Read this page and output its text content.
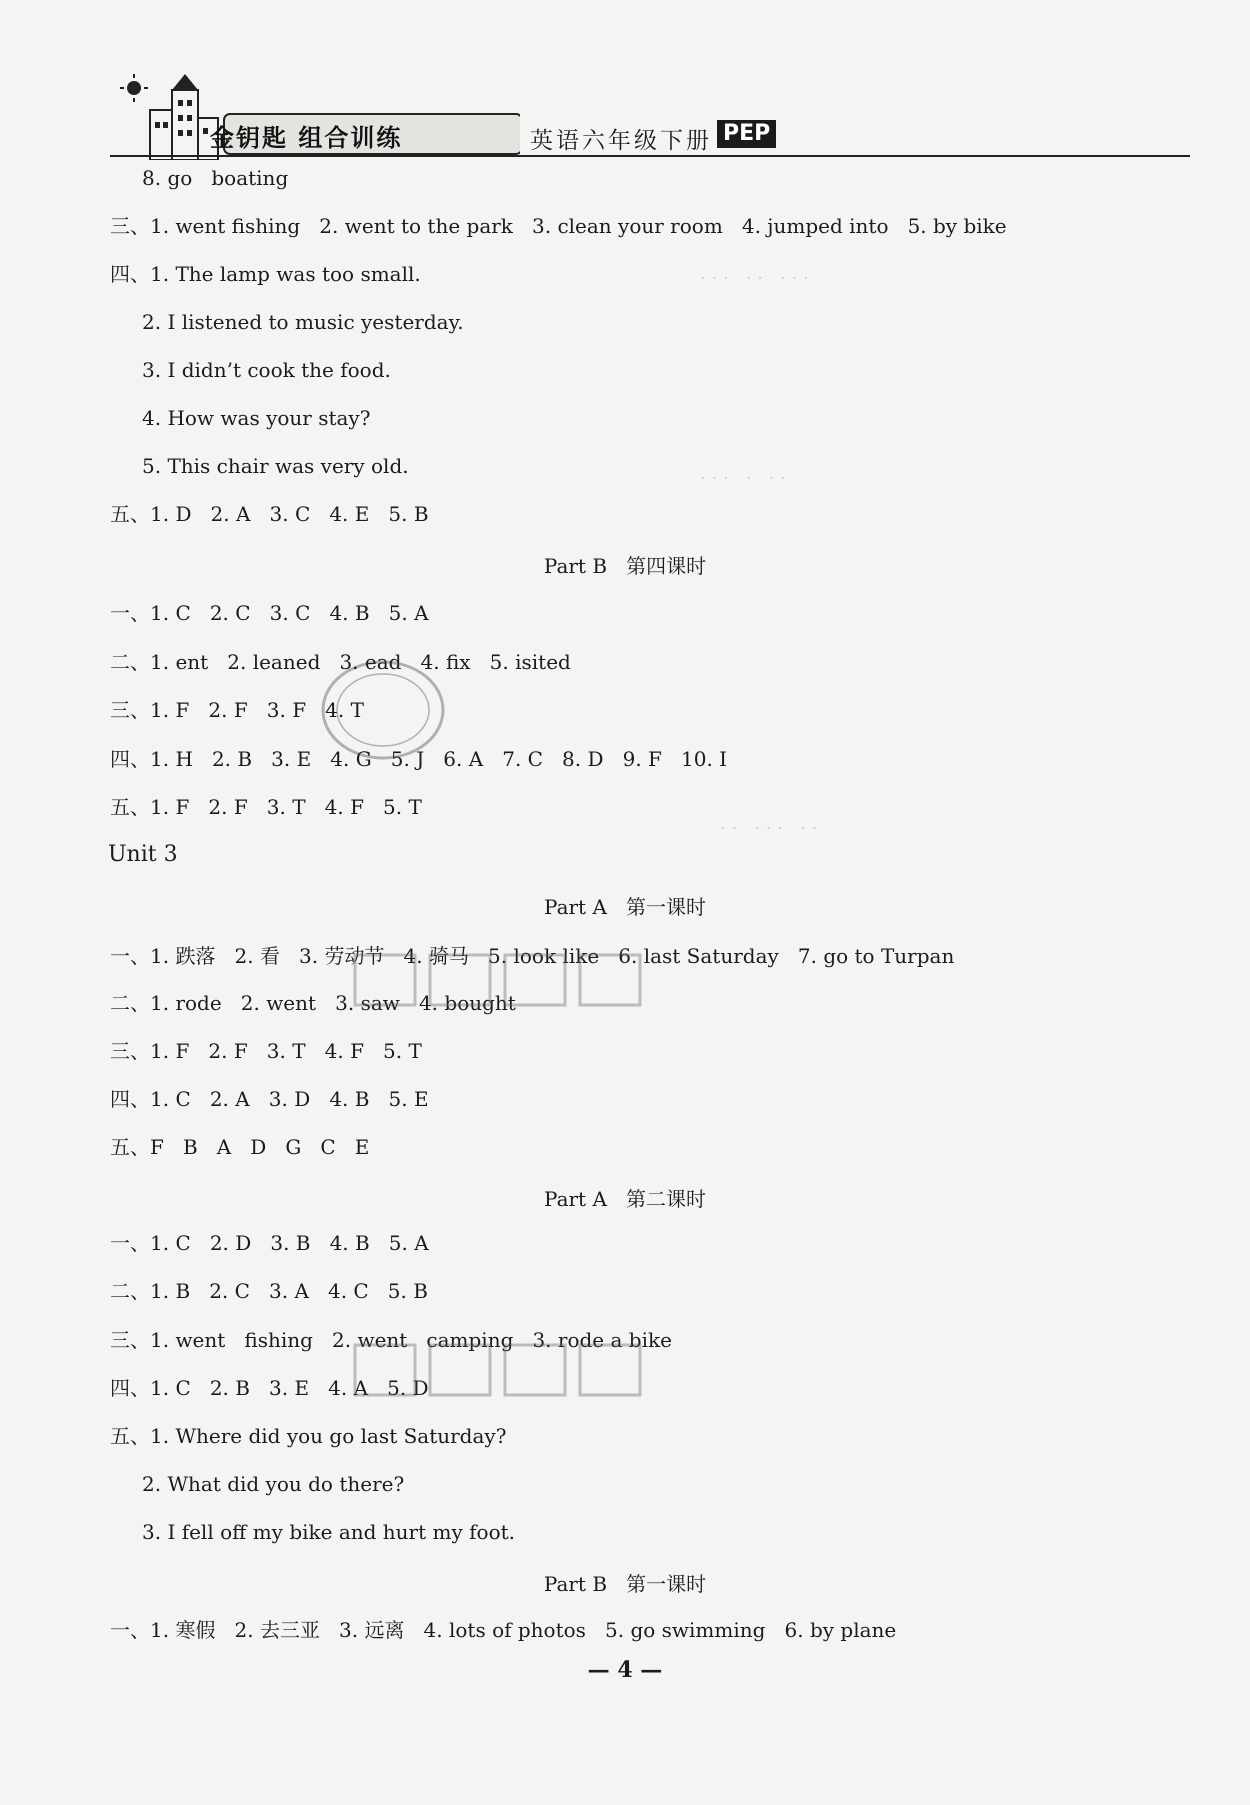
金钥匙 组合训练	英语六年级下册 PEP
· · ·   · ·   · · ·
· · ·   ·   · ·
· ·   · · ·   · ·
8. go   boating
三、1. went fishing   2. went to the park   3. clean your room   4. jumped into   5. by bike
四、1. The lamp was too small.
2. I listened to music yesterday.
3. I didn’t cook the food.
4. How was your stay?
5. This chair was very old.
五、1. D   2. A   3. C   4. E   5. B
Part B   第四课时
一、1. C   2. C   3. C   4. B   5. A
二、1. ent   2. leaned   3. ead   4. fix   5. isited
三、1. F   2. F   3. F   4. T
四、1. H   2. B   3. E   4. G   5. J   6. A   7. C   8. D   9. F   10. I
五、1. F   2. F   3. T   4. F   5. T
Unit 3
Part A   第一课时
一、1. 跌落   2. 看   3. 劳动节   4. 骑马   5. look like   6. last Saturday   7. go to Turpan
二、1. rode   2. went   3. saw   4. bought
三、1. F   2. F   3. T   4. F   5. T
四、1. C   2. A   3. D   4. B   5. E
五、F   B   A   D   G   C   E
Part A   第二课时
一、1. C   2. D   3. B   4. B   5. A
二、1. B   2. C   3. A   4. C   5. B
三、1. went   fishing   2. went   camping   3. rode a bike
四、1. C   2. B   3. E   4. A   5. D
五、1. Where did you go last Saturday?
2. What did you do there?
3. I fell off my bike and hurt my foot.
Part B   第一课时
一、1. 寒假   2. 去三亚   3. 远离   4. lots of photos   5. go swimming   6. by plane
— 4 —
